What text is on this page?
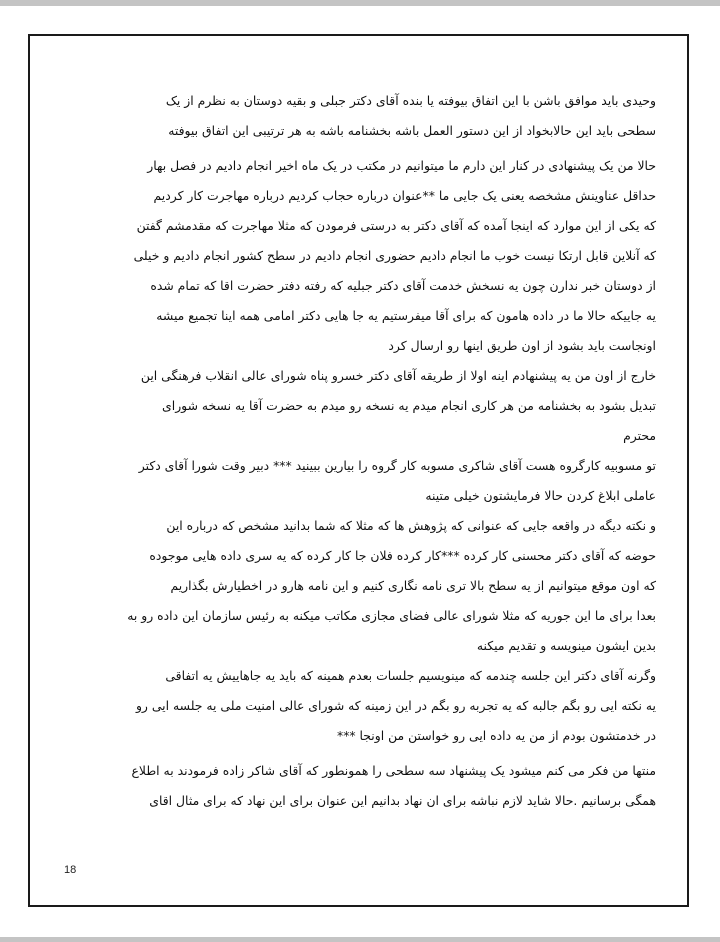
وحیدی باید موافق باشن با این اتفاق بیوفته یا بنده آقای دکتر جبلی و بقیه دوستان به نظرم از یک
سطحی باید این حالابخواد از این دستور العمل باشه بخشنامه باشه به هر ترتیبی این اتفاق بیوفته

حالا من یک پیشنهادی در کنار این دارم ما میتوانیم در مکتب در یک ماه اخیر انجام دادیم در فصل بهار
حداقل عناوینش مشخصه یعنی یک جایی ما **عنوان درباره حجاب کردیم درباره مهاجرت کار کردیم
که یکی از این موارد که اینجا آمده که آقای دکتر به درستی فرمودن که مثلا مهاجرت که مقدمشم گفتن
که آنلاین قابل ارتکا نیست خوب ما انجام دادیم حضوری انجام دادیم در سطح کشور انجام دادیم و خیلی
از دوستان خبر ندارن چون یه نسخش خدمت آقای دکتر جبلیه که رفته دفتر حضرت اقا که تمام شده
یه جاییکه حالا ما در داده هامون که برای آقا میفرستیم یه جا هایی دکتر امامی همه اینا تجمیع میشه
اونجاست باید بشود از اون طریق اینها رو ارسال کرد

خارج از اون من یه پیشنهادم اینه اولا از طریقه آقای دکتر خسرو پناه شورای عالی انقلاب فرهنگی این
تبدیل بشود به بخشنامه من هر کاری انجام میدم یه نسخه رو میدم به حضرت آقا یه نسخه شورای
محترم

تو مسوبیه کارگروه هست آقای شاکری مسوبه کار گروه را بیارین ببینید *** دبیر وقت شورا آقای دکتر
عاملی ابلاغ کردن حالا فرمایشتون خیلی متینه

و نکته دیگه در واقعه جایی که عنوانی که پژوهش ها که مثلا که شما بدانید مشخص که درباره این
حوضه که آقای دکتر محسنی کار کرده ***کار کرده فلان جا کار کرده که یه سری داده هایی موجوده
که اون موقع میتوانیم از یه سطح بالا تری نامه نگاری کنیم و این نامه هارو در اخطیارش بگذاریم

بعدا برای ما این جوریه که مثلا شورای عالی فضای مجازی مکاتب میکنه به رئیس سازمان این داده رو به
بدین ایشون مینویسه و تقدیم میکنه

وگرنه آقای دکتر این جلسه چندمه که مینویسیم جلسات بعدم همینه که باید یه جاهاییش یه اتفاقی
یه نکته ایی رو بگم جالبه که یه تجربه رو بگم در این زمینه که شورای عالی امنیت ملی یه جلسه ایی رو
در خدمتشون بودم از من یه داده ایی رو خواستن من اونجا ***

منتها من فکر می کنم میشود یک پیشنهاد سه سطحی را همونطور که آقای شاکر زاده فرمودند به اطلاع
همگی برسانیم .حالا شاید لازم نباشه برای ان نهاد بدانیم این عنوان برای این نهاد که برای مثال اقای

18
